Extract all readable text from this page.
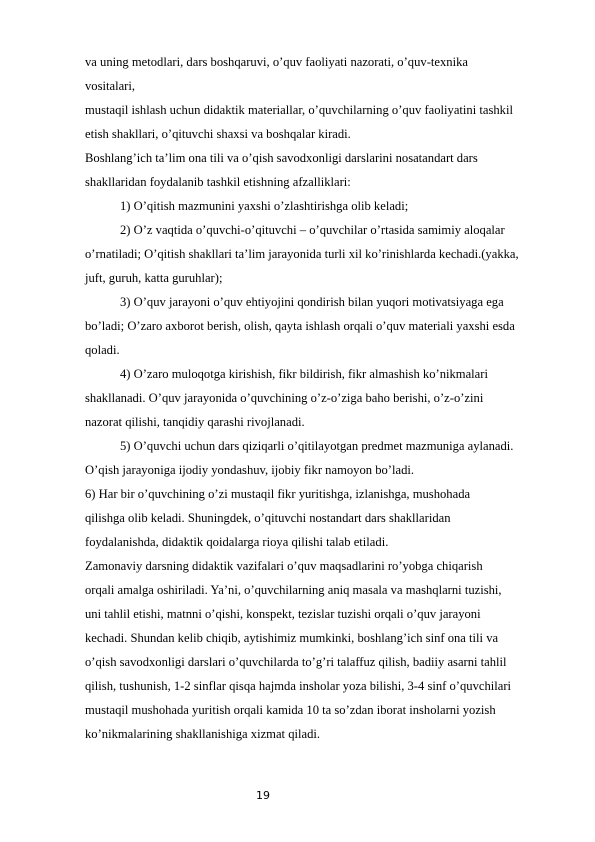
va uning metodlari, dars boshqaruvi, o’quv faoliyati nazorati, o’quv-texnika
vositalari,
mustaqil ishlash uchun didaktik materiallar, o’quvchilarning o’quv faoliyatini tashkil
etish shakllari, o’qituvchi shaxsi va boshqalar kiradi.
Boshlang’ich ta’lim ona tili va o’qish savodxonligi darslarini nosatandart dars
shakllaridan foydalanib tashkil etishning afzalliklari:
1) O’qitish mazmunini yaxshi o’zlashtirishga olib keladi;
2) O’z vaqtida o’quvchi-o’qituvchi – o’quvchilar o’rtasida samimiy aloqalar
o’rnatiladi; O’qitish shakllari ta’lim jarayonida turli xil ko’rinishlarda kechadi.(yakka,
juft, guruh, katta guruhlar);
3) O’quv jarayoni o’quv ehtiyojini qondirish bilan yuqori motivatsiyaga ega
bo’ladi; O’zaro axborot berish, olish, qayta ishlash orqali o’quv materiali yaxshi esda
qoladi.
4) O’zaro muloqotga kirishish, fikr bildirish, fikr almashish ko’nikmalari
shakllanadi. O’quv jarayonida o’quvchining o’z-o’ziga baho berishi, o’z-o’zini
nazorat qilishi, tanqidiy qarashi rivojlanadi.
5) O’quvchi uchun dars qiziqarli o’qitilayotgan predmet mazmuniga aylanadi.
O’qish jarayoniga ijodiy yondashuv, ijobiy fikr namoyon bo’ladi.
6) Har bir o’quvchining o’zi mustaqil fikr yuritishga, izlanishga, mushohada
qilishga olib keladi. Shuningdek, o’qituvchi nostandart dars shakllaridan
foydalanishda, didaktik qoidalarga rioya qilishi talab etiladi.
Zamonaviy darsning didaktik vazifalari o’quv maqsadlarini ro’yobga chiqarish
orqali amalga oshiriladi. Ya’ni, o’quvchilarning aniq masala va mashqlarni tuzishi,
uni tahlil etishi, matnni o’qishi, konspekt, tezislar tuzishi orqali o’quv jarayoni
kechadi. Shundan kelib chiqib, aytishimiz mumkinki, boshlang’ich sinf ona tili va
o’qish savodxonligi darslari o’quvchilarda to’g’ri talaffuz qilish, badiiy asarni tahlil
qilish, tushunish, 1-2 sinflar qisqa hajmda insholar yoza bilishi, 3-4 sinf o’quvchilari
mustaqil mushohada yuritish orqali kamida 10 ta so’zdan iborat insholarni yozish
ko’nikmalarining shakllanishiga xizmat qiladi.
19
